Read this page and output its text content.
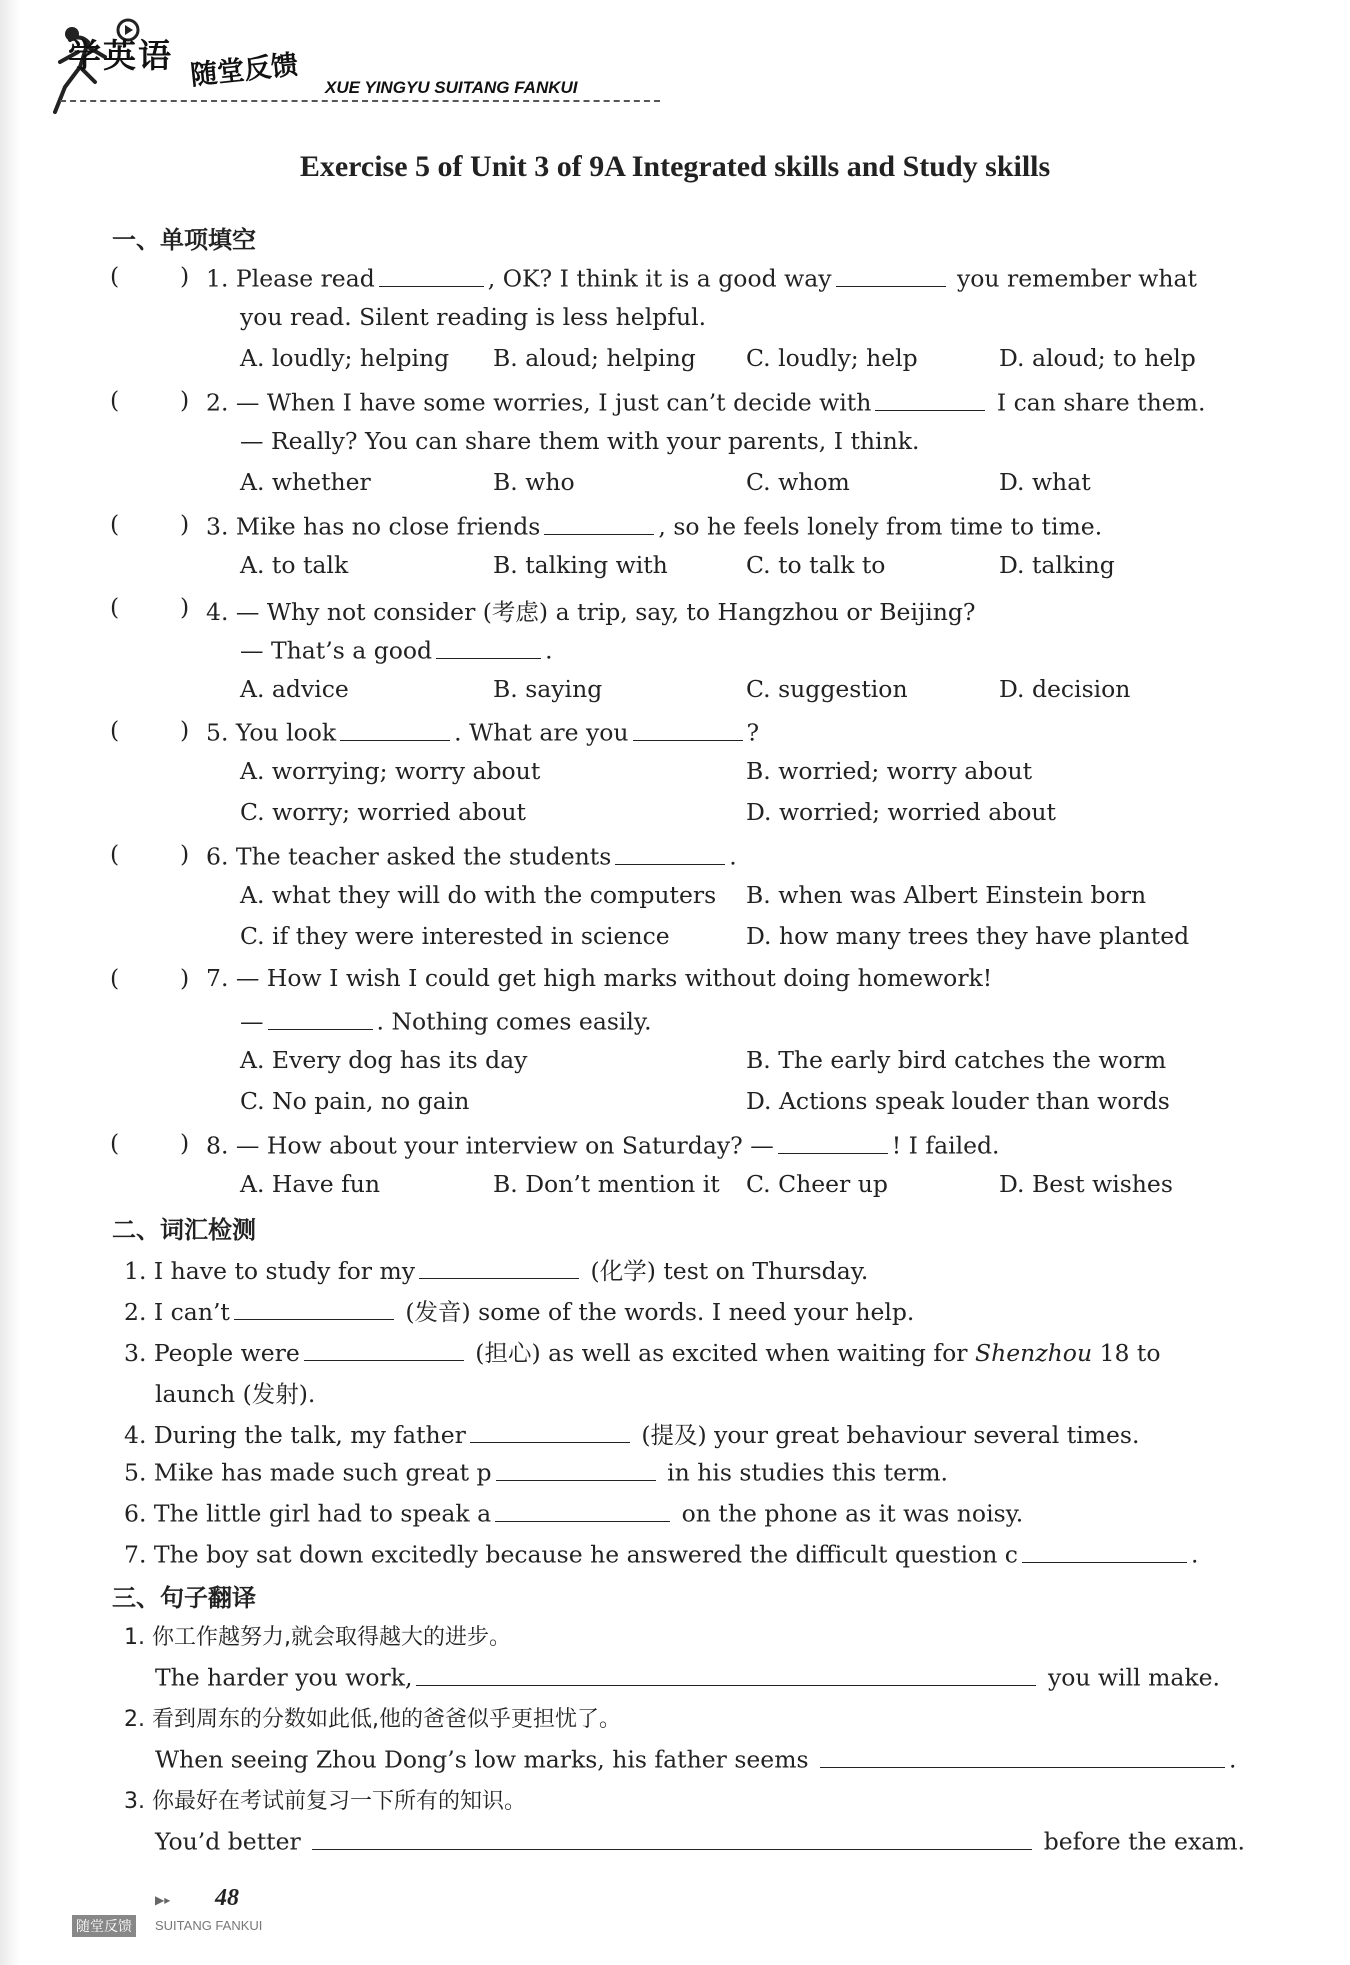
学英语 随堂反馈 XUE YINGYU SUITANG FANKUI
Exercise 5 of Unit 3 of 9A Integrated skills and Study skills
一、单项填空
(	) 1. Please read	, OK? I think it is a good way	you remember what
you read. Silent reading is less helpful.
A. loudly; helping B. aloud; helping C. loudly; help	D. aloud; to help
(	) 2. — When I have some worries, I just can’t decide with	I can share them.
— Really? You can share them with your parents, I think.
A. whether	B. who	C. whom	D. what
(	) 3. Mike has no close friends	, so he feels lonely from time to time.
A. to talk	B. talking with	C. to talk to	D. talking
(	) 4. — Why not consider (考虑) a trip, say, to Hangzhou or Beijing?
— That’s a good	.
A. advice	B. saying	C. suggestion	D. decision
(	) 5. You look	. What are you	?
A. worrying; worry about	B. worried; worry about
C. worry; worried about	D. worried; worried about
(	) 6. The teacher asked the students	.
A. what they will do with the computers B. when was Albert Einstein born
C. if they were interested in science	D. how many trees they have planted
(	) 7. — How I wish I could get high marks without doing homework!
—	. Nothing comes easily.
A. Every dog has its day	B. The early bird catches the worm
C. No pain, no gain	D. Actions speak louder than words
(	) 8. — How about your interview on Saturday? —	! I failed.
A. Have fun	B. Don’t mention it C. Cheer up	D. Best wishes
二、词汇检测
1. I have to study for my	(化学) test on Thursday.
2. I can’t	(发音) some of the words. I need your help.
3. People were	(担心) as well as excited when waiting for Shenzhou 18 to
launch (发射).
4. During the talk, my father	(提及) your great behaviour several times.
5. Mike has made such great p	in his studies this term.
6. The little girl had to speak a	on the phone as it was noisy.
7. The boy sat down excitedly because he answered the difficult question c	.
三、句子翻译
1. 你工作越努力,就会取得越大的进步。
The harder you work,	you will make.
2. 看到周东的分数如此低,他的爸爸似乎更担忧了。
When seeing Zhou Dong’s low marks, his father seems	.
3. 你最好在考试前复习一下所有的知识。
You’d better	before the exam.
▶▸ 48
随堂反馈	SUITANG FANKUI
